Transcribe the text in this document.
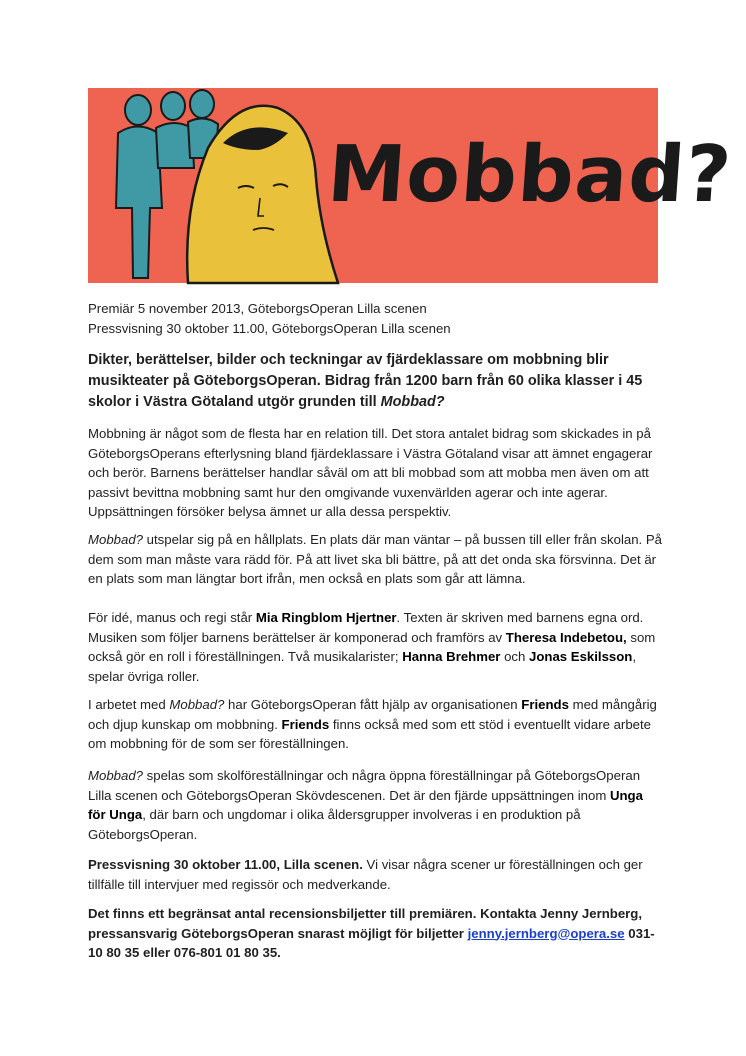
Mobbad?
Premiär 5 november 2013, GöteborgsOperan Lilla scenen
Pressvisning 30 oktober 11.00, GöteborgsOperan Lilla scenen
Dikter, berättelser, bilder och teckningar av fjärdeklassare om mobbning blir musikteater på GöteborgsOperan. Bidrag från 1200 barn från 60 olika klasser i 45 skolor i Västra Götaland utgör grunden till Mobbad?

Mobbning är något som de flesta har en relation till. Det stora antalet bidrag som skickades in på GöteborgsOperans efterlysning bland fjärdeklassare i Västra Götaland visar att ämnet engagerar och berör. Barnens berättelser handlar såväl om att bli mobbad som att mobba men även om att passivt bevittna mobbning samt hur den omgivande vuxenvärlden agerar och inte agerar. Uppsättningen försöker belysa ämnet ur alla dessa perspektiv.

Mobbad? utspelar sig på en hållplats. En plats där man väntar – på bussen till eller från skolan. På dem som man måste vara rädd för. På att livet ska bli bättre, på att det onda ska försvinna. Det är en plats som man längtar bort ifrån, men också en plats som går att lämna.

För idé, manus och regi står Mia Ringblom Hjertner. Texten är skriven med barnens egna ord. Musiken som följer barnens berättelser är komponerad och framförs av Theresa Indebetou, som också gör en roll i föreställningen. Två musikalarister; Hanna Brehmer och Jonas Eskilsson, spelar övriga roller.

I arbetet med Mobbad? har GöteborgsOperan fått hjälp av organisationen Friends med mångårig och djup kunskap om mobbning. Friends finns också med som ett stöd i eventuellt vidare arbete om mobbning för de som ser föreställningen.

Mobbad? spelas som skolföreställningar och några öppna föreställningar på GöteborgsOperan Lilla scenen och GöteborgsOperan Skövdescenen. Det är den fjärde uppsättningen inom Unga för Unga, där barn och ungdomar i olika åldersgrupper involveras i en produktion på GöteborgsOperan.

Pressvisning 30 oktober 11.00, Lilla scenen. Vi visar några scener ur föreställningen och ger tillfälle till intervjuer med regissör och medverkande.

Det finns ett begränsat antal recensionsbiljetter till premiären. Kontakta Jenny Jernberg, pressansvarig GöteborgsOperan snarast möjligt för biljetter jenny.jernberg@opera.se 031-10 80 35 eller 076-801 01 80 35.
